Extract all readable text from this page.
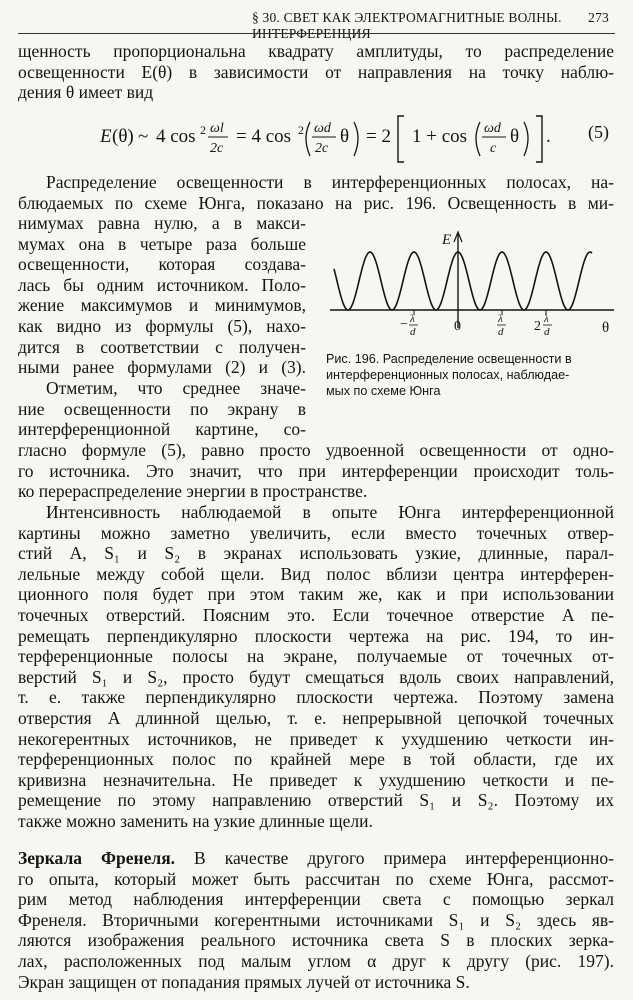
§ 30. СВЕТ КАК ЭЛЕКТРОМАГНИТНЫЕ ВОЛНЫ. ИНТЕРФЕРЕНЦИЯ
273
щенность пропорциональна квадрату амплитуды, то распределение
освещенности E(θ) в зависимости от направления на точку наблю-
дения θ имеет вид
E (θ) ~ 4 cos 2 ωl
2c
= 4 cos 2 ωd
2c
θ = 2 1 + cos ωd
c
θ . (5)
Распределение освещенности в интерференционных полосах, на-
блюдаемых по схеме Юнга, показано на рис. 196. Освещенность в ми-
нимумах равна нулю, а в макси-
мумах она в четыре раза больше
освещенности, которая создава-
лась бы одним источником. Поло-
жение максимумов и минимумов,
как видно из формулы (5), нахо-
дится в соответствии с получен-
ными ранее формулами (2) и (3).
Отметим, что среднее значе-
ние освещенности по экрану в
интерференционной картине, со-
гласно формуле (5), равно просто удвоенной освещенности от одно-
го источника. Это значит, что при интерференции происходит толь-
ко перераспределение энергии в пространстве.
E
θ
− λ
d	0	λ
d 2 λ
d
Рис. 196. Распределение освещенности в
интерференционных полосах, наблюдае-
мых по схеме Юнга
Интенсивность наблюдаемой в опыте Юнга интерференционной
картины можно заметно увеличить, если вместо точечных отвер-
стий A, S₁ и S₂ в экранах использовать узкие, длинные, парал-
лельные между собой щели. Вид полос вблизи центра интерферен-
ционного поля будет при этом таким же, как и при использовании
точечных отверстий. Поясним это. Если точечное отверстие A пе-
ремещать перпендикулярно плоскости чертежа на рис. 194, то ин-
терференционные полосы на экране, получаемые от точечных от-
верстий S₁ и S₂, просто будут смещаться вдоль своих направлений,
т. е. также перпендикулярно плоскости чертежа. Поэтому замена
отверстия A длинной щелью, т. е. непрерывной цепочкой точечных
некогерентных источников, не приведет к ухудшению четкости ин-
терференционных полос по крайней мере в той области, где их
кривизна незначительна. Не приведет к ухудшению четкости и пе-
ремещение по этому направлению отверстий S₁ и S₂. Поэтому их
также можно заменить на узкие длинные щели.
Зеркала Френеля. В качестве другого примера интерференционно-
го опыта, который может быть рассчитан по схеме Юнга, рассмот-
рим метод наблюдения интерференции света с помощью зеркал
Френеля. Вторичными когерентными источниками S₁ и S₂ здесь яв-
ляются изображения реального источника света S в плоских зерка-
лах, расположенных под малым углом α друг к другу (рис. 197).
Экран защищен от попадания прямых лучей от источника S.
